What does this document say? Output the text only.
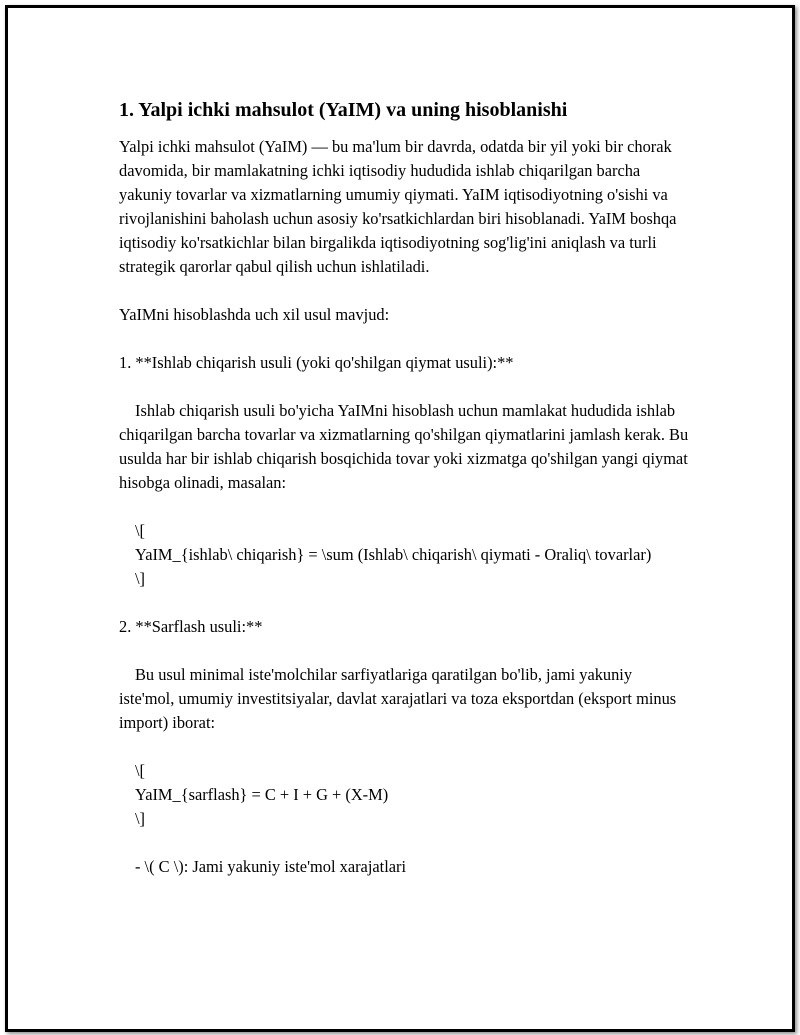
1. Yalpi ichki mahsulot (YaIM) va uning hisoblanishi

Yalpi ichki mahsulot (YaIM) — bu ma'lum bir davrda, odatda bir yil yoki bir chorak davomida, bir mamlakatning ichki iqtisodiy hududida ishlab chiqarilgan barcha yakuniy tovarlar va xizmatlarning umumiy qiymati. YaIM iqtisodiyotning o'sishi va rivojlanishini baholash uchun asosiy ko'rsatkichlardan biri hisoblanadi. YaIM boshqa iqtisodiy ko'rsatkichlar bilan birgalikda iqtisodiyotning sog'lig'ini aniqlash va turli strategik qarorlar qabul qilish uchun ishlatiladi.

YaIMni hisoblashda uch xil usul mavjud:

1. **Ishlab chiqarish usuli (yoki qo'shilgan qiymat usuli):**

Ishlab chiqarish usuli bo'yicha YaIMni hisoblash uchun mamlakat hududida ishlab chiqarilgan barcha tovarlar va xizmatlarning qo'shilgan qiymatlarini jamlash kerak. Bu usulda har bir ishlab chiqarish bosqichida tovar yoki xizmatga qo'shilgan yangi qiymat hisobga olinadi, masalan:

\[

YaIM_{ishlab\ chiqarish} = \sum (Ishlab\ chiqarish\ qiymati - Oraliq\ tovarlar)

\]

2. **Sarflash usuli:**

Bu usul minimal iste'molchilar sarfiyatlariga qaratilgan bo'lib, jami yakuniy iste'mol, umumiy investitsiyalar, davlat xarajatlari va toza eksportdan (eksport minus import) iborat:

\[

YaIM_{sarflash} = C + I + G + (X-M)

\]

- \( C \): Jami yakuniy iste'mol xarajatlari
